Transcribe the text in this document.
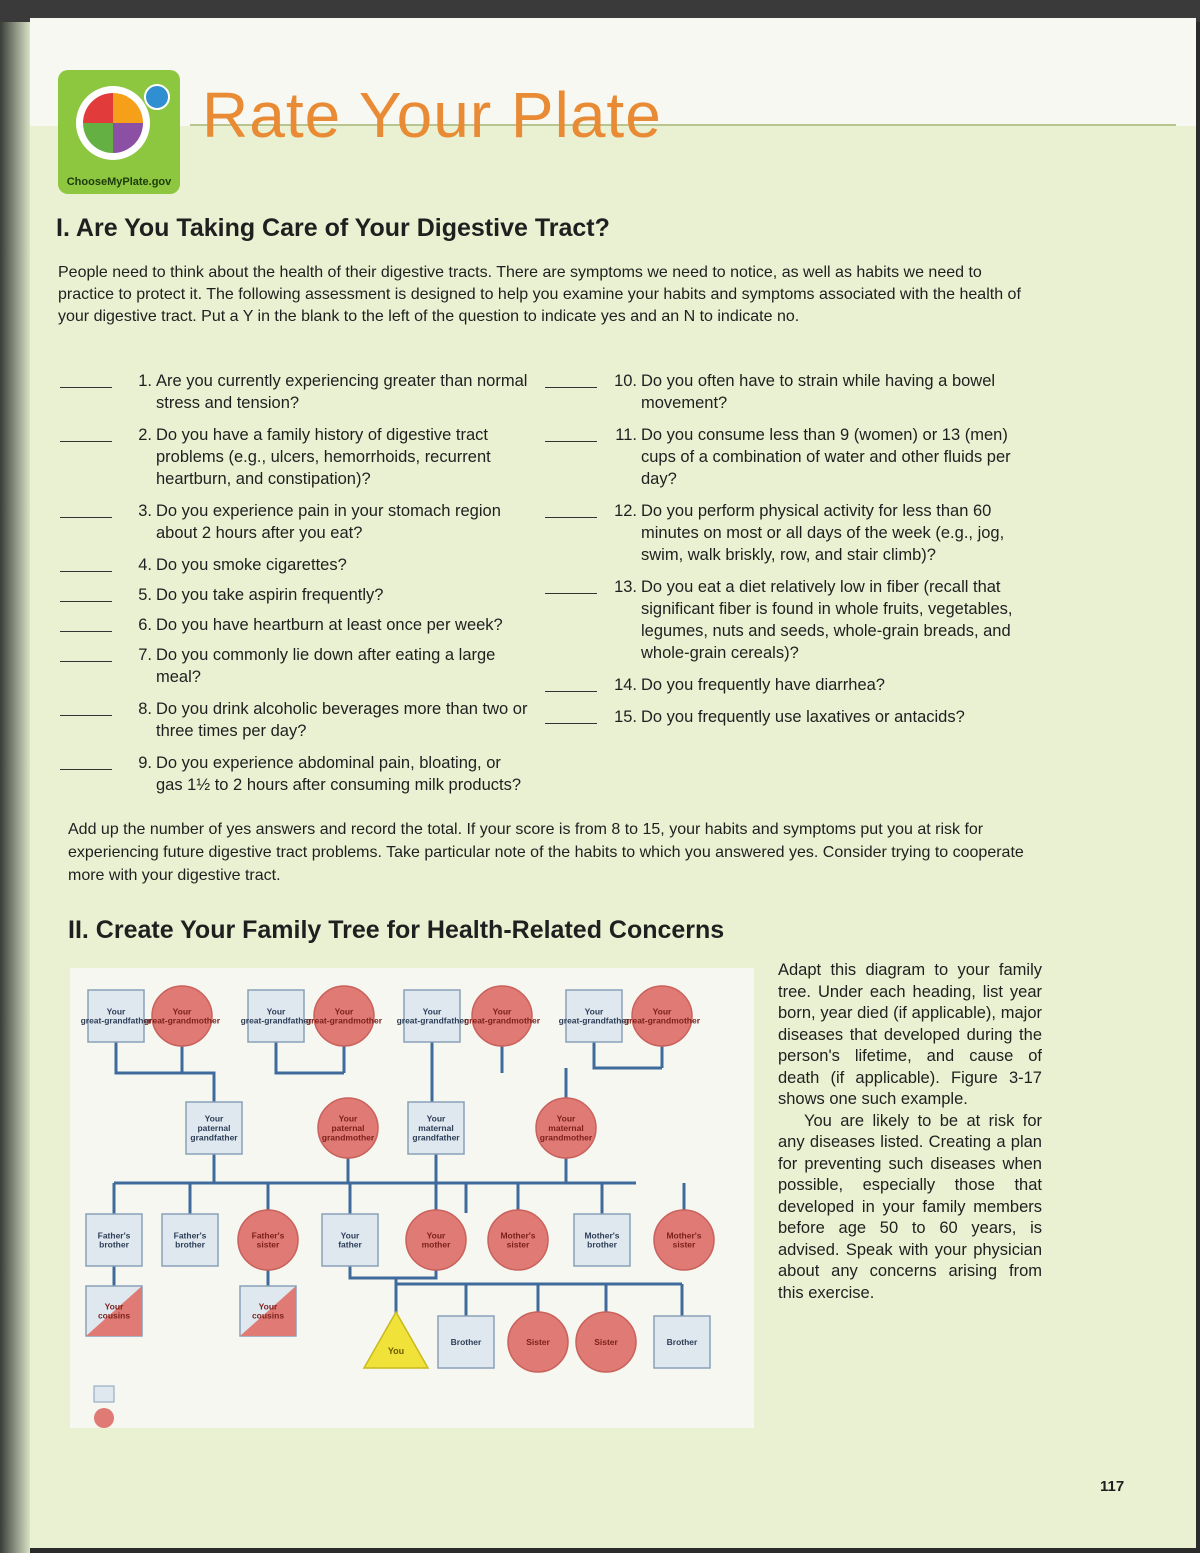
ChooseMyPlate.gov
Rate Your Plate
I. Are You Taking Care of Your Digestive Tract?
People need to think about the health of their digestive tracts. There are symptoms we need to notice, as well as habits we need to practice to protect it. The following assessment is designed to help you examine your habits and symptoms associated with the health of your digestive tract. Put a Y in the blank to the left of the question to indicate yes and an N to indicate no.
1. Are you currently experiencing greater than normal stress and tension?
2. Do you have a family history of digestive tract problems (e.g., ulcers, hemorrhoids, recurrent heartburn, and constipation)?
3. Do you experience pain in your stomach region about 2 hours after you eat?
4. Do you smoke cigarettes?
5. Do you take aspirin frequently?
6. Do you have heartburn at least once per week?
7. Do you commonly lie down after eating a large meal?
8. Do you drink alcoholic beverages more than two or three times per day?
9. Do you experience abdominal pain, bloating, or gas 1½ to 2 hours after consuming milk products?
10. Do you often have to strain while having a bowel movement?
11. Do you consume less than 9 (women) or 13 (men) cups of a combination of water and other fluids per day?
12. Do you perform physical activity for less than 60 minutes on most or all days of the week (e.g., jog, swim, walk briskly, row, and stair climb)?
13. Do you eat a diet relatively low in fiber (recall that significant fiber is found in whole fruits, vegetables, legumes, nuts and seeds, whole-grain breads, and whole-grain cereals)?
14. Do you frequently have diarrhea?
15. Do you frequently use laxatives or antacids?
Add up the number of yes answers and record the total. If your score is from 8 to 15, your habits and symptoms put you at risk for experiencing future digestive tract problems. Take particular note of the habits to which you answered yes. Consider trying to cooperate more with your digestive tract.
II. Create Your Family Tree for Health-Related Concerns
Your great-grandfather
Your great-grandmother
Your great-grandfather
Your great-grandmother
Your great-grandfather
Your great-grandmother
Your great-grandfather
Your great-grandmother
Your paternal grandfather
Your paternal grandmother
Your maternal grandfather
Your maternal grandmother
Father's brother
Father's brother
Father's sister
Your father
Your mother
Mother's sister
Mother's brother
Mother's sister
Your cousins
Your cousins
You
Brother	Sister	Sister	Brother

Adapt this diagram to your family tree. Under each heading, list year born, year died (if applicable), major diseases that developed during the person's lifetime, and cause of death (if applicable). Figure 3-17 shows one such example.

You are likely to be at risk for any diseases listed. Creating a plan for preventing such diseases when possible, especially those that developed in your family members before age 50 to 60 years, is advised. Speak with your physician about any concerns arising from this exercise.

117
